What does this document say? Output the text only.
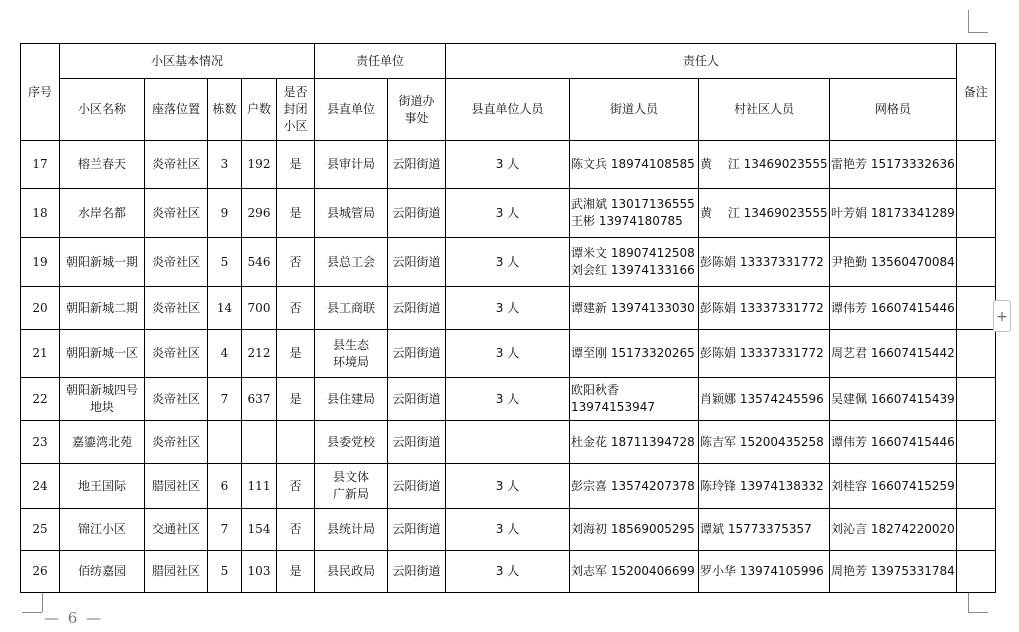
序号	小区基本情况					责任单位		责任人				备注
	小区名称	座落位置	栋数	户数	是否
封闭
小区	县直单位	街道办
事处	县直单位人员	街道人员	村社区人员	网格员	
17	榕兰春天	炎帝社区	3	192	是	县审计局	云阳街道	3 人	陈文兵 18974108585	黄　 江 13469023555	雷艳芳 15173332636	
18	水岸名都	炎帝社区	9	296	是	县城管局	云阳街道	3 人	武湘斌 13017136555
王彬 13974180785	黄　 江 13469023555	叶芳娟 18173341289	
19	朝阳新城一期	炎帝社区	5	546	否	县总工会	云阳街道	3 人	谭米文 18907412508
刘会红 13974133166	彭陈娟 13337331772	尹艳勤 13560470084	
20	朝阳新城二期	炎帝社区	14	700	否	县工商联	云阳街道	3 人	谭建新 13974133030	彭陈娟 13337331772	谭伟芳 16607415446	
21	朝阳新城一区	炎帝社区	4	212	是	县生态
环境局	云阳街道	3 人	谭至刚 15173320265	彭陈娟 13337331772	周艺君 16607415442	
22	朝阳新城四号
地块	炎帝社区	7	637	是	县住建局	云阳街道	3 人	欧阳秋香
13974153947	肖颖娜 13574245596	吴建佩 16607415439	
23	嘉鎏湾北苑	炎帝社区				县委党校	云阳街道		杜金花 18711394728	陈吉军 15200435258	谭伟芳 16607415446	
24	地王国际	腊园社区	6	111	否	县文体
广新局	云阳街道	3 人	彭宗喜 13574207378	陈玲锋 13974138332	刘桂容 16607415259	
25	锦江小区	交通社区	7	154	否	县统计局	云阳街道	3 人	刘海初 18569005295	谭斌 15773375357	刘沁言 18274220020	
26	佰纺嘉园	腊园社区	5	103	是	县民政局	云阳街道	3 人	刘志军 15200406699	罗小华 13974105996	周艳芳 13975331784	
— 6 —
+
